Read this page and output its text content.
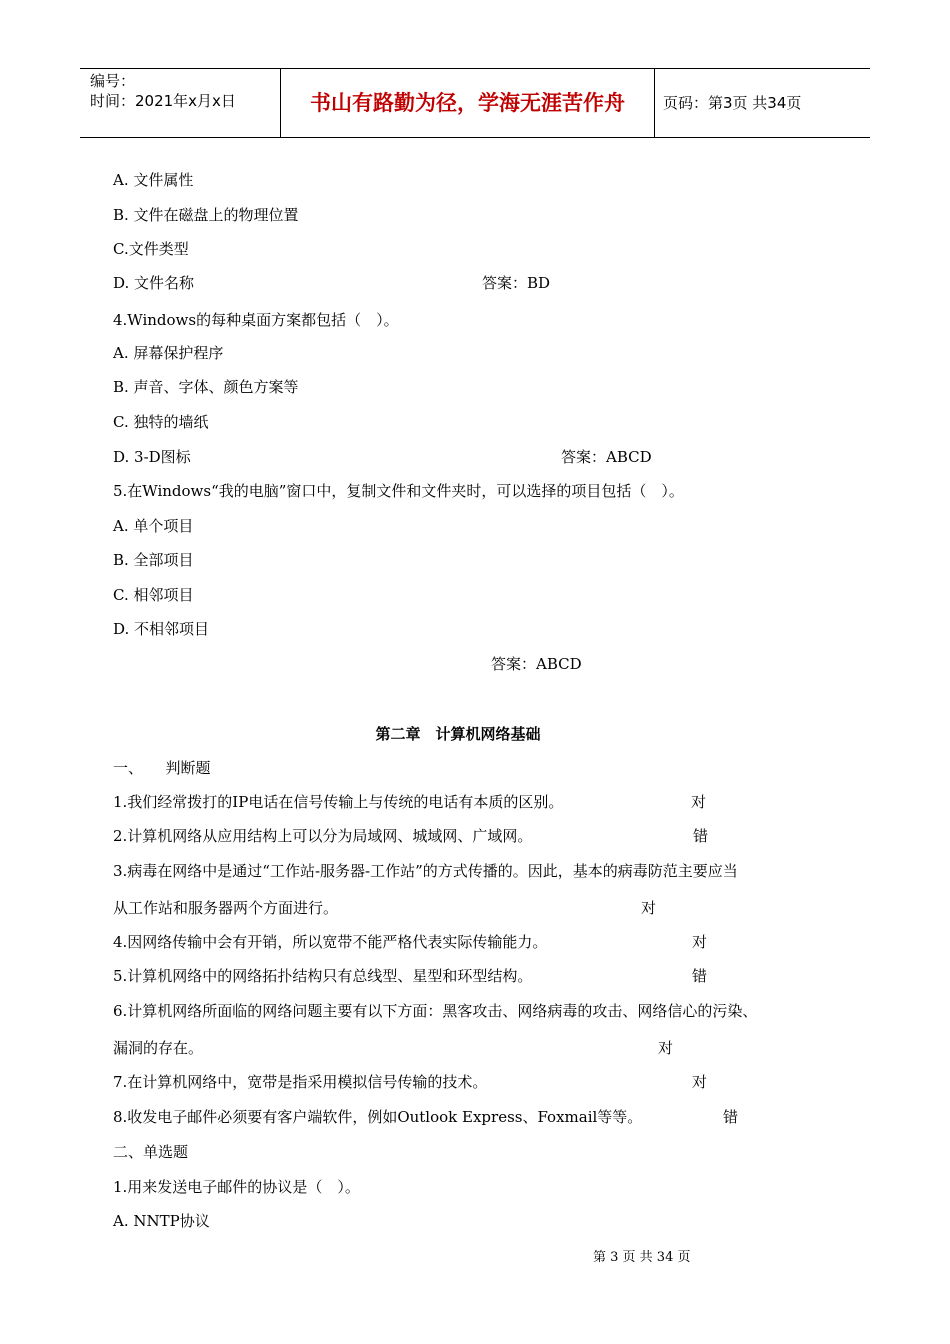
编号：
时间：2021年x月x日	书山有路勤为径，学海无涯苦作舟	页码：第3页 共34页
A. 文件属性
B. 文件在磁盘上的物理位置
C.文件类型
D. 文件名称	答案：BD
4.Windows的每种桌面方案都包括（　）。
A. 屏幕保护程序
B. 声音、字体、颜色方案等
C. 独特的墙纸
D. 3-D图标	答案：ABCD
5.在Windows“我的电脑”窗口中，复制文件和文件夹时，可以选择的项目包括（　）。
A. 单个项目
B. 全部项目
C. 相邻项目
D. 不相邻项目
答案：ABCD
第二章　计算机网络基础
一、　　判断题
1.我们经常拨打的IP电话在信号传输上与传统的电话有本质的区别。	对
2.计算机网络从应用结构上可以分为局域网、城域网、广域网。	错
3.病毒在网络中是通过“工作站-服务器-工作站”的方式传播的。因此，基本的病毒防范主要应当
从工作站和服务器两个方面进行。	对
4.因网络传输中会有开销，所以宽带不能严格代表实际传输能力。	对
5.计算机网络中的网络拓扑结构只有总线型、星型和环型结构。	错
6.计算机网络所面临的网络问题主要有以下方面：黑客攻击、网络病毒的攻击、网络信心的污染、
漏洞的存在。	对
7.在计算机网络中，宽带是指采用模拟信号传输的技术。	对
8.收发电子邮件必须要有客户端软件，例如Outlook Express、Foxmail等等。	错
二、单选题
1.用来发送电子邮件的协议是（　）。
A. NNTP协议
第 3 页 共 34 页
